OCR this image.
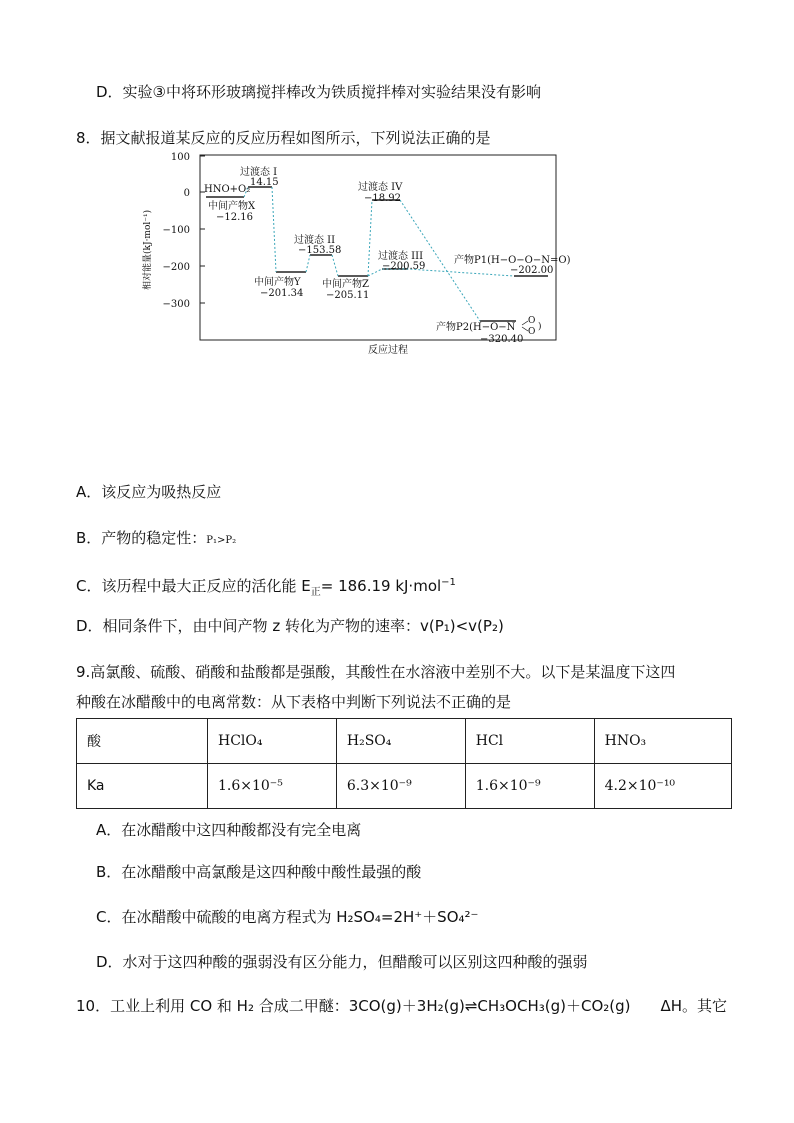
D．实验③中将环形玻璃搅拌棒改为铁质搅拌棒对实验结果没有影响
8．据文献报道某反应的反应历程如图所示，下列说法正确的是
相对能量(kJ·mol⁻¹)
100
0
−100
−200
−300
反应过程
HNO+O₂
中间产物X
−12.16
过渡态 I
14.15
中间产物Y
−201.34
过渡态 II
−153.58
中间产物Z
−205.11
过渡态 IV
−18.92
过渡态 III
−200.59
产物P1(H−O−O−N=O)
−202.00
产物P2(H−O−N
O
O )
−320.40
A．该反应为吸热反应
B．产物的稳定性：P₁>P₂
C．该历程中最大正反应的活化能 $E_正= 186.19$ kJ·mol$^{-1}$
D．相同条件下，由中间产物 z 转化为产物的速率：v(P₁)<v(P₂)
9.高氯酸、硫酸、硝酸和盐酸都是强酸，其酸性在水溶液中差别不大。以下是某温度下这四
种酸在冰醋酸中的电离常数：从下表格中判断下列说法不正确的是
酸	HClO₄	H₂SO₄	HCl	HNO₃
Ka	1.6×10⁻⁵	6.3×10⁻⁹	1.6×10⁻⁹	4.2×10⁻¹⁰
A．在冰醋酸中这四种酸都没有完全电离
B．在冰醋酸中高氯酸是这四种酸中酸性最强的酸
C．在冰醋酸中硫酸的电离方程式为 H₂SO₄=2H⁺＋SO₄²⁻
D．水对于这四种酸的强弱没有区分能力，但醋酸可以区别这四种酸的强弱
10．工业上利用 CO 和 H₂ 合成二甲醚：3CO(g)＋3H₂(g)⇌CH₃OCH₃(g)＋CO₂(g)　　ΔH。其它
